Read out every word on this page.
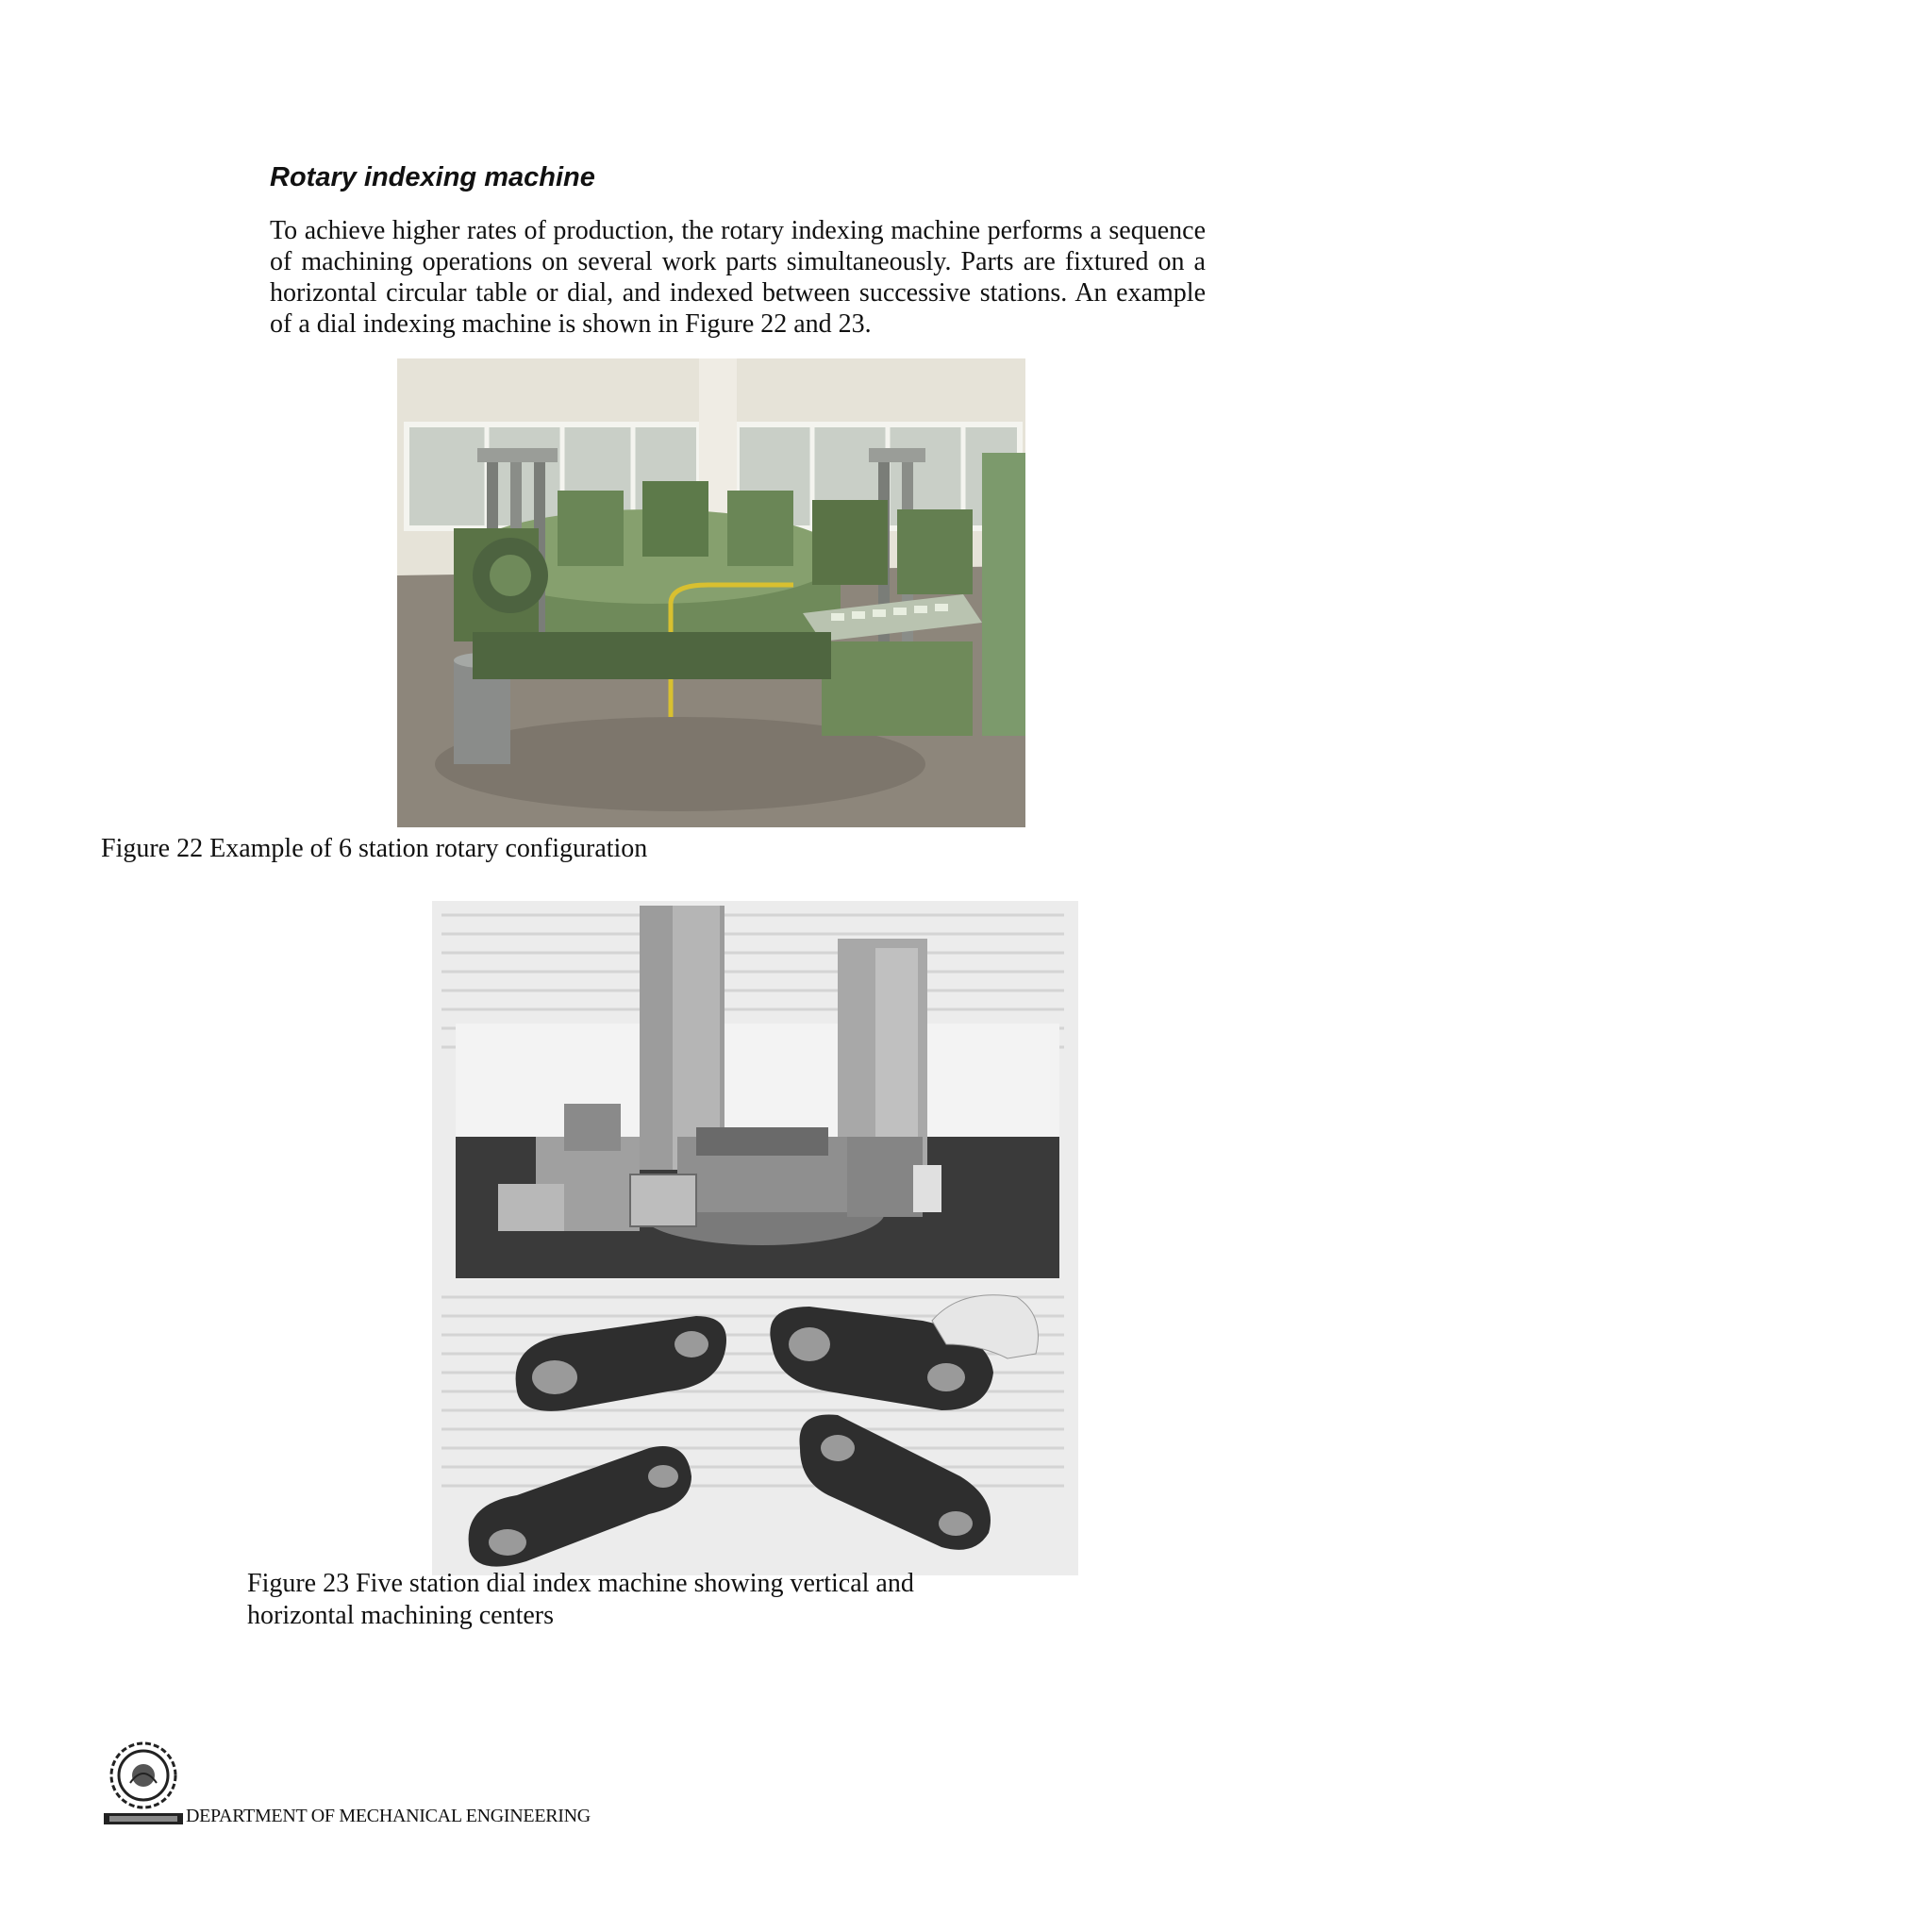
Rotary indexing machine

To achieve higher rates of production, the rotary indexing machine performs a sequence of machining operations on several work parts simultaneously. Parts are fixtured on a horizontal circular table or dial, and indexed between successive stations. An example of a dial indexing machine is shown in Figure 22 and 23.

Figure 22 Example of 6 station rotary configuration

Figure 23 Five station dial index machine showing vertical and horizontal machining centers

DEPARTMENT OF MECHANICAL ENGINEERING
